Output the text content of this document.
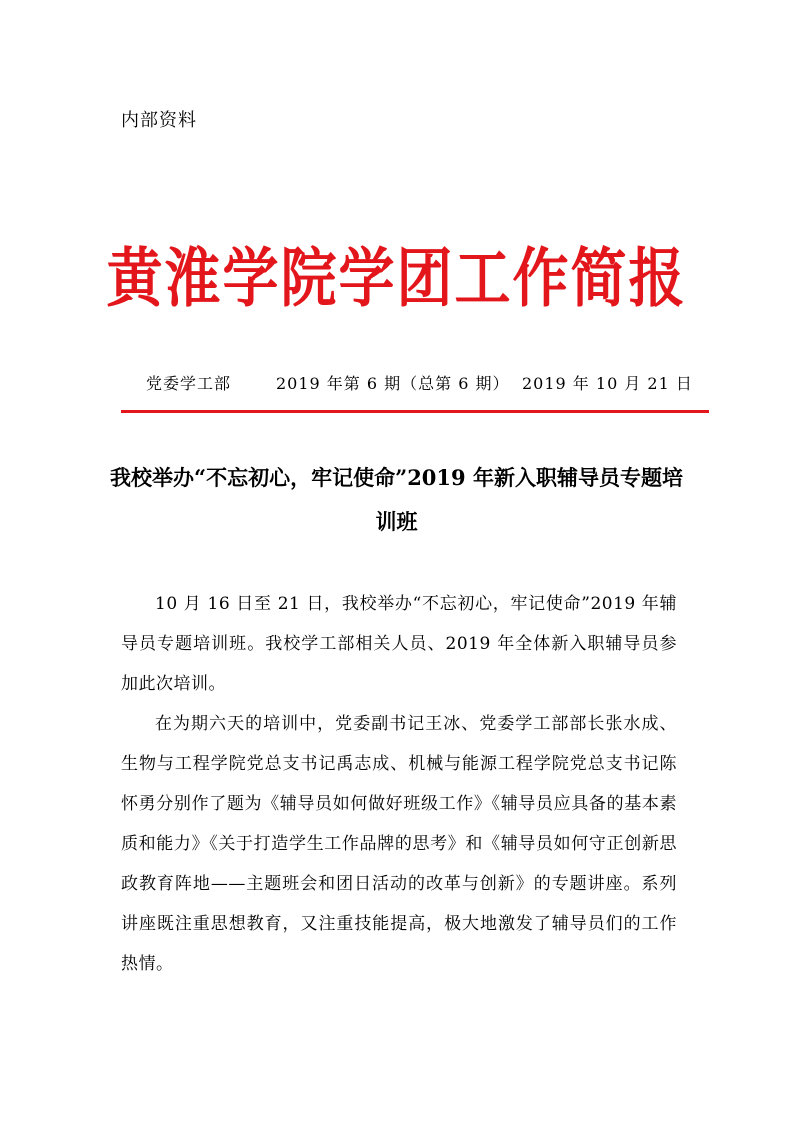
内部资料
黄淮学院学团工作简报
党委学工部	2019 年第 6 期（总第 6 期） 2019 年 10 月 21 日
我校举办“不忘初心，牢记使命”2019 年新入职辅导员专题培训班

10 月 16 日至 21 日，我校举办“不忘初心，牢记使命”2019 年辅导员专题培训班。我校学工部相关人员、2019 年全体新入职辅导员参加此次培训。

在为期六天的培训中，党委副书记王冰、党委学工部部长张水成、生物与工程学院党总支书记禹志成、机械与能源工程学院党总支书记陈怀勇分别作了题为《辅导员如何做好班级工作》《辅导员应具备的基本素质和能力》《关于打造学生工作品牌的思考》和《辅导员如何守正创新思政教育阵地——主题班会和团日活动的改革与创新》的专题讲座。系列讲座既注重思想教育，又注重技能提高，极大地激发了辅导员们的工作热情。
